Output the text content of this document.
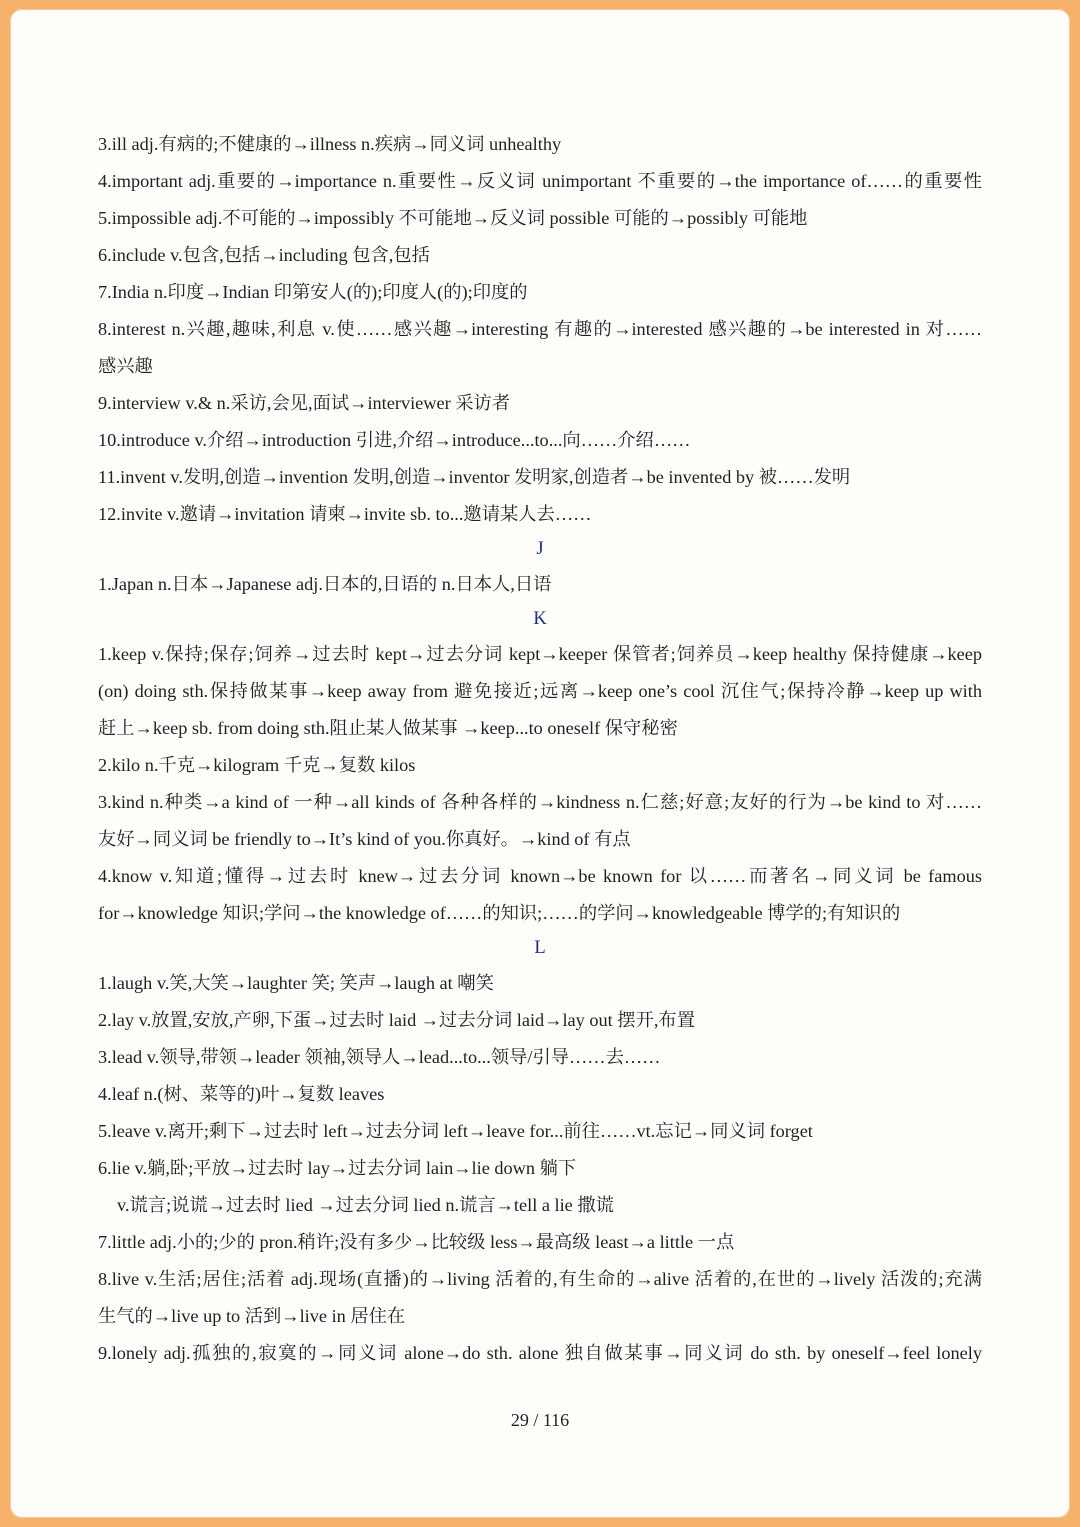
3.ill adj.有病的;不健康的→illness n.疾病→同义词 unhealthy
4.important adj.重要的→importance n.重要性→反义词 unimportant 不重要的→the importance of……的重要性
5.impossible adj.不可能的→impossibly 不可能地→反义词 possible 可能的→possibly 可能地
6.include v.包含,包括→including 包含,包括
7.India n.印度→Indian 印第安人(的);印度人(的);印度的
8.interest n.兴趣,趣味,利息 v.使……感兴趣→interesting 有趣的→interested 感兴趣的→be interested in 对……
感兴趣
9.interview v.& n.采访,会见,面试→interviewer 采访者
10.introduce v.介绍→introduction 引进,介绍→introduce...to...向……介绍……
11.invent v.发明,创造→invention 发明,创造→inventor 发明家,创造者→be invented by 被……发明
12.invite v.邀请→invitation 请柬→invite sb. to...邀请某人去……
J
1.Japan n.日本→Japanese adj.日本的,日语的 n.日本人,日语
K
1.keep v.保持;保存;饲养→过去时 kept→过去分词 kept→keeper 保管者;饲养员→keep healthy 保持健康→keep
(on) doing sth.保持做某事→keep away from 避免接近;远离→keep one’s cool 沉住气;保持冷静→keep up with
赶上→keep sb. from doing sth.阻止某人做某事 →keep...to oneself 保守秘密
2.kilo n.千克→kilogram 千克→复数 kilos
3.kind n.种类→a kind of 一种→all kinds of 各种各样的→kindness n.仁慈;好意;友好的行为→be kind to 对……
友好→同义词 be friendly to→It’s kind of you.你真好。→kind of 有点
4.know v.知道;懂得→过去时 knew→过去分词 known→be known for 以……而著名→同义词 be famous
for→knowledge 知识;学问→the knowledge of……的知识;……的学问→knowledgeable 博学的;有知识的
L
1.laugh v.笑,大笑→laughter 笑; 笑声→laugh at 嘲笑
2.lay v.放置,安放,产卵,下蛋→过去时 laid →过去分词 laid→lay out 摆开,布置
3.lead v.领导,带领→leader 领袖,领导人→lead...to...领导/引导……去……
4.leaf n.(树、菜等的)叶→复数 leaves
5.leave v.离开;剩下→过去时 left→过去分词 left→leave for...前往……vt.忘记→同义词 forget
6.lie v.躺,卧;平放→过去时 lay→过去分词 lain→lie down 躺下
v.谎言;说谎→过去时 lied →过去分词 lied n.谎言→tell a lie 撒谎
7.little adj.小的;少的 pron.稍许;没有多少→比较级 less→最高级 least→a little 一点
8.live v.生活;居住;活着 adj.现场(直播)的→living 活着的,有生命的→alive 活着的,在世的→lively 活泼的;充满
生气的→live up to 活到→live in 居住在
9.lonely adj.孤独的,寂寞的→同义词 alone→do sth. alone 独自做某事→同义词 do sth. by oneself→feel lonely
29 / 116
